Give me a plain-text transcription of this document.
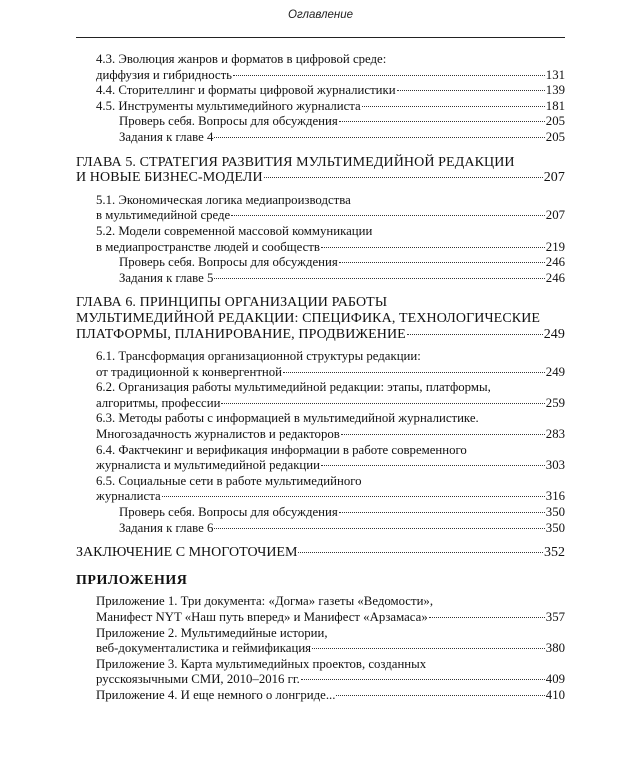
Оглавление
4.3. Эволюция жанров и форматов в цифровой среде:
диффузия и гибридность	131
4.4. Сторителлинг и форматы цифровой журналистики	139
4.5. Инструменты мультимедийного журналиста	181
Проверь себя. Вопросы для обсуждения	205
Задания к главе 4	205
ГЛАВА 5. СТРАТЕГИЯ РАЗВИТИЯ МУЛЬТИМЕДИЙНОЙ РЕДАКЦИИ
И НОВЫЕ БИЗНЕС-МОДЕЛИ	207
5.1. Экономическая логика медиапроизводства
в мультимедийной среде	207
5.2. Модели современной массовой коммуникации
в медиапространстве людей и сообществ	219
Проверь себя. Вопросы для обсуждения	246
Задания к главе 5	246
ГЛАВА 6. ПРИНЦИПЫ ОРГАНИЗАЦИИ РАБОТЫ
МУЛЬТИМЕДИЙНОЙ РЕДАКЦИИ: СПЕЦИФИКА, ТЕХНОЛОГИЧЕСКИЕ
ПЛАТФОРМЫ, ПЛАНИРОВАНИЕ, ПРОДВИЖЕНИЕ	249
6.1. Трансформация организационной структуры редакции:
от традиционной к конвергентной	249
6.2. Организация работы мультимедийной редакции: этапы, платформы,
алгоритмы, профессии	259
6.3. Методы работы с информацией в мультимедийной журналистике.
Многозадачность журналистов и редакторов	283
6.4. Фактчекинг и верификация информации в работе современного
журналиста и мультимедийной редакции	303
6.5. Социальные сети в работе мультимедийного
журналиста	316
Проверь себя. Вопросы для обсуждения	350
Задания к главе 6	350
ЗАКЛЮЧЕНИЕ С МНОГОТОЧИЕМ	352
ПРИЛОЖЕНИЯ
Приложение 1. Три документа: «Догма» газеты «Ведомости»,
Манифест NYT «Наш путь вперед» и Манифест «Арзамаса»	357
Приложение 2. Мультимедийные истории,
веб-документалистика и геймификация	380
Приложение 3. Карта мультимедийных проектов, созданных
русскоязычными СМИ, 2010–2016 гг.	409
Приложение 4. И еще немного о лонгриде...	410
